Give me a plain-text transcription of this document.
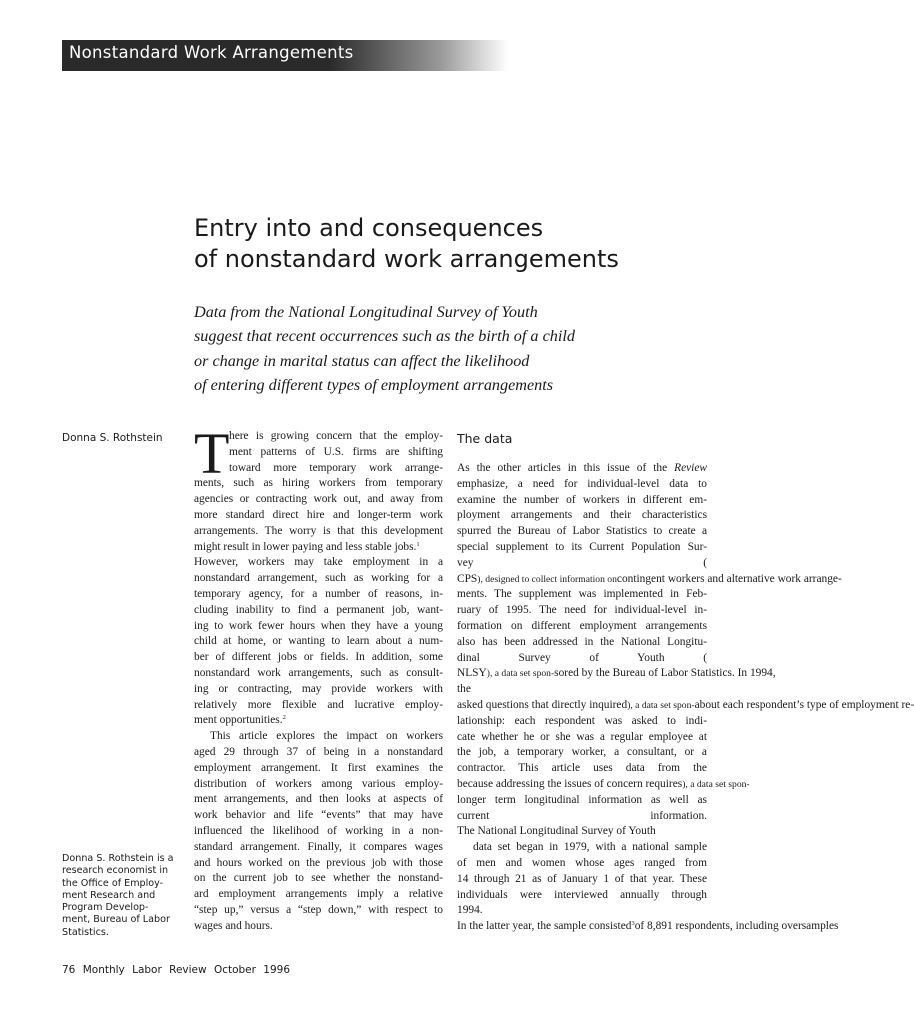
Nonstandard Work Arrangements
Entry into and consequences
of nonstandard work arrangements
Data from the National Longitudinal Survey of Youth
suggest that recent occurrences such as the birth of a child
or change in marital status can affect the likelihood
of entering different types of employment arrangements
Donna S. Rothstein
Donna S. Rothstein is a
research economist in
the Office of Employ-
ment Research and
Program Develop-
ment, Bureau of Labor
Statistics.
T here is growing concern that the employ-
ment patterns of U.S. firms are shifting
toward more temporary work arrange-
ments, such as hiring workers from temporary
agencies or contracting work out, and away from
more standard direct hire and longer-term work
arrangements. The worry is that this development
might result in lower paying and less stable jobs.$^1$
However, workers may take employment in a
nonstandard arrangement, such as working for a
temporary agency, for a number of reasons, in-
cluding inability to find a permanent job, want-
ing to work fewer hours when they have a young
child at home, or wanting to learn about a num-
ber of different jobs or fields. In addition, some
nonstandard work arrangements, such as consult-
ing or contracting, may provide workers with
relatively more flexible and lucrative employ-
ment opportunities.$^2$
This article explores the impact on workers
aged 29 through 37 of being in a nonstandard
employment arrangement. It first examines the
distribution of workers among various employ-
ment arrangements, and then looks at aspects of
work behavior and life “events” that may have
influenced the likelihood of working in a non-
standard arrangement. Finally, it compares wages
and hours worked on the previous job with those
on the current job to see whether the nonstand-
ard employment arrangements imply a relative
“step up,” versus a “step down,” with respect to
wages and hours.
The data
As the other articles in this issue of the Review
emphasize, a need for individual-level data to
examine the number of workers in different em-
ployment arrangements and their characteristics
spurred the Bureau of Labor Statistics to create a
special supplement to its Current Population Sur-
vey (
CPS), designed to collect information oncontingent workers and alternative work arrange-
ments. The supplement was implemented in Feb-
ruary of 1995. The need for individual-level in-
formation on different employment arrangements
also has been addressed in the National Longitu-
dinal Survey of Youth (
NLSY), a data set spon-sored by the Bureau of Labor Statistics. In 1994,
the
asked questions that directly inquired), a data set spon-about each respondent’s type of employment re-
lationship: each respondent was asked to indi-
cate whether he or she was a regular employee at
the job, a temporary worker, a consultant, or a
contractor. This article uses data from the
because addressing the issues of concern requires), a data set spon-
longer term longitudinal information as well as
current information.
The National Longitudinal Survey of Youth
data set began in 1979, with a national sample
of men and women whose ages ranged from
14 through 21 as of January 1 of that year. These
individuals were interviewed annually through
1994.
In the latter year, the sample consisted$^3$of 8,891 respondents, including oversamples
76 Monthly Labor Review October 1996
